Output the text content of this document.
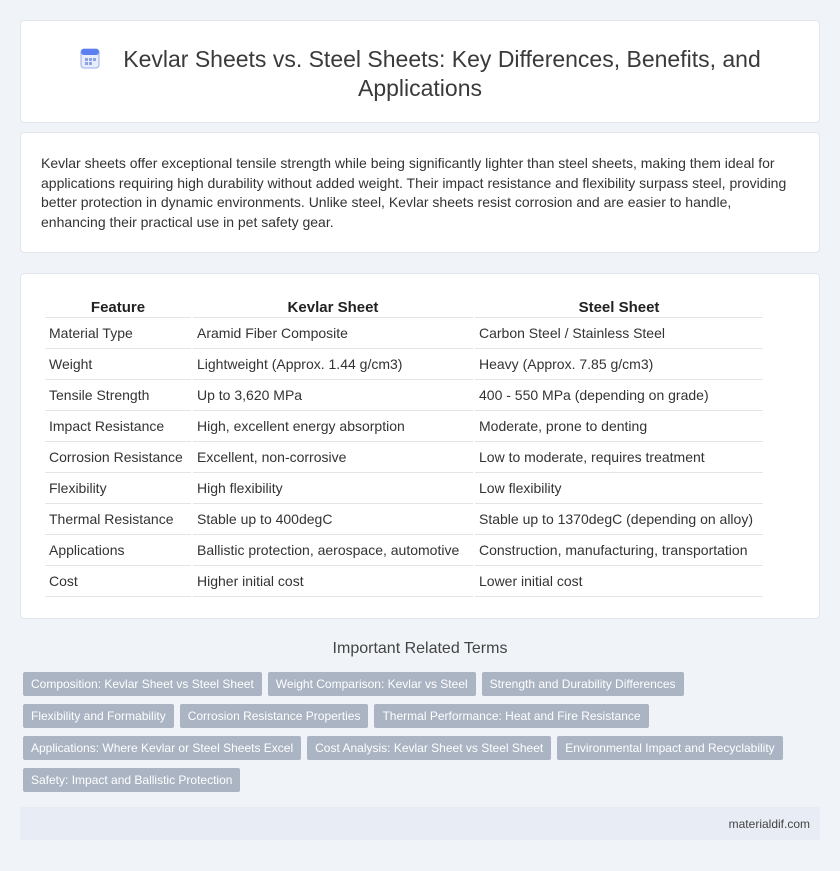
Kevlar Sheets vs. Steel Sheets: Key Differences, Benefits, and
Applications

Kevlar sheets offer exceptional tensile strength while being significantly lighter than steel sheets, making them ideal for applications requiring high durability without added weight. Their impact resistance and flexibility surpass steel, providing better protection in dynamic environments. Unlike steel, Kevlar sheets resist corrosion and are easier to handle, enhancing their practical use in pet safety gear.

Feature	Kevlar Sheet	Steel Sheet
Material Type	Aramid Fiber Composite	Carbon Steel / Stainless Steel
Weight	Lightweight (Approx. 1.44 g/cm3)	Heavy (Approx. 7.85 g/cm3)
Tensile Strength	Up to 3,620 MPa	400 - 550 MPa (depending on grade)
Impact Resistance	High, excellent energy absorption	Moderate, prone to denting
Corrosion Resistance	Excellent, non-corrosive	Low to moderate, requires treatment
Flexibility	High flexibility	Low flexibility
Thermal Resistance	Stable up to 400degC	Stable up to 1370degC (depending on alloy)
Applications	Ballistic protection, aerospace, automotive	Construction, manufacturing, transportation
Cost	Higher initial cost	Lower initial cost
Important Related Terms
Composition: Kevlar Sheet vs Steel Sheet Weight Comparison: Kevlar vs Steel Strength and Durability Differences
Flexibility and Formability Corrosion Resistance Properties Thermal Performance: Heat and Fire Resistance
Applications: Where Kevlar or Steel Sheets Excel Cost Analysis: Kevlar Sheet vs Steel Sheet Environmental Impact and Recyclability
Safety: Impact and Ballistic Protection
materialdif.com
